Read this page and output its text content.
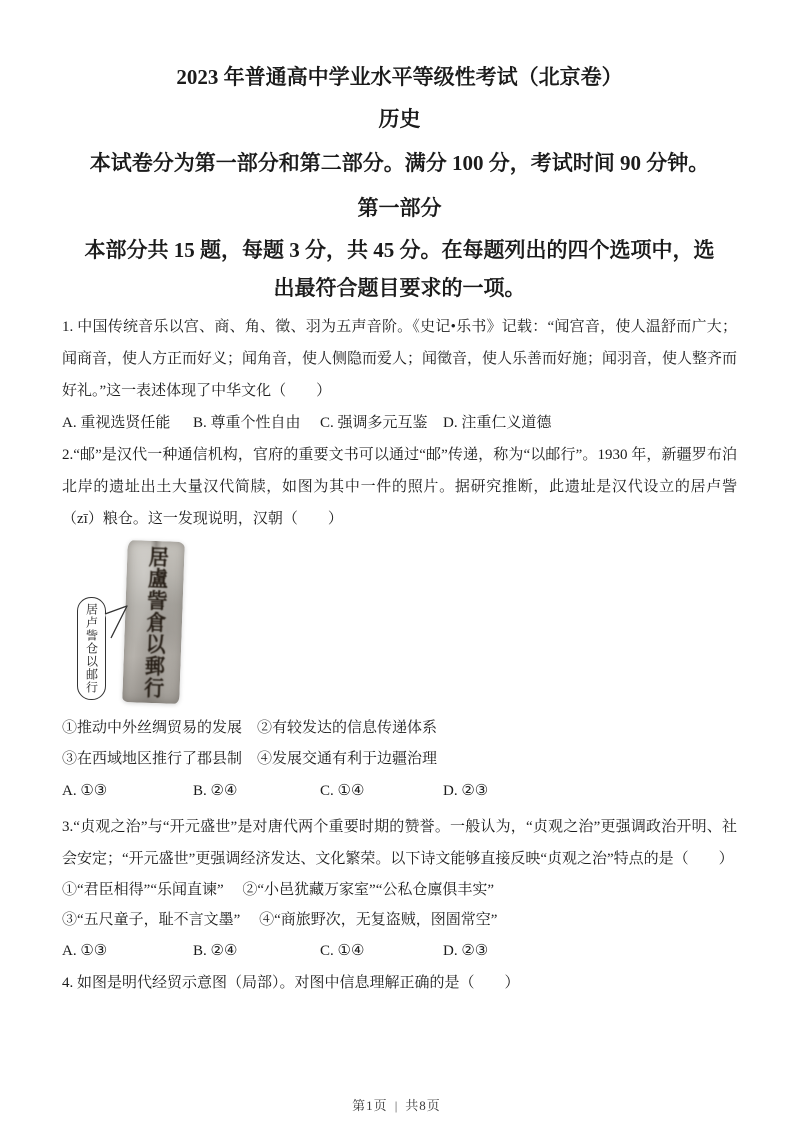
2023 年普通高中学业水平等级性考试（北京卷）
历史
本试卷分为第一部分和第二部分。满分 100 分，考试时间 90 分钟。
第一部分
本部分共 15 题，每题 3 分，共 45 分。在每题列出的四个选项中，选
出最符合题目要求的一项。

1. 中国传统音乐以宫、商、角、徵、羽为五声音阶。《史记•乐书》记载：“闻宫音，使人温舒而广大；闻商音，使人方正而好义；闻角音，使人侧隐而爱人；闻徵音，使人乐善而好施；闻羽音，使人整齐而好礼。”这一表述体现了中华文化（　　）

A. 重视选贤任能	B. 尊重个性自由	C. 强调多元互鉴	D. 注重仁义道德

2.“邮”是汉代一种通信机构，官府的重要文书可以通过“邮”传递，称为“以邮行”。1930 年，新疆罗布泊北岸的遗址出土大量汉代简牍，如图为其中一件的照片。据研究推断，此遗址是汉代设立的居卢訾（zī）粮仓。这一发现说明，汉朝（　　）

居卢訾仓以邮行	居盧訾倉以郵行
①推动中外丝绸贸易的发展　②有较发达的信息传递体系
③在西域地区推行了郡县制　④发展交通有利于边疆治理
A. ①③	B. ②④	C. ①④	D. ②③

3.“贞观之治”与“开元盛世”是对唐代两个重要时期的赞誉。一般认为，“贞观之治”更强调政治开明、社会安定；“开元盛世”更强调经济发达、文化繁荣。以下诗文能够直接反映“贞观之治”特点的是（　　）

①“君臣相得”“乐闻直谏”　 ②“小邑犹藏万家室”“公私仓廪俱丰实”
③“五尺童子，耻不言文墨”　 ④“商旅野次，无复盗贼，囹圄常空”
A. ①③	B. ②④	C. ①④	D. ②③

4. 如图是明代经贸示意图（局部）。对图中信息理解正确的是（　　）

第1页 | 共8页
